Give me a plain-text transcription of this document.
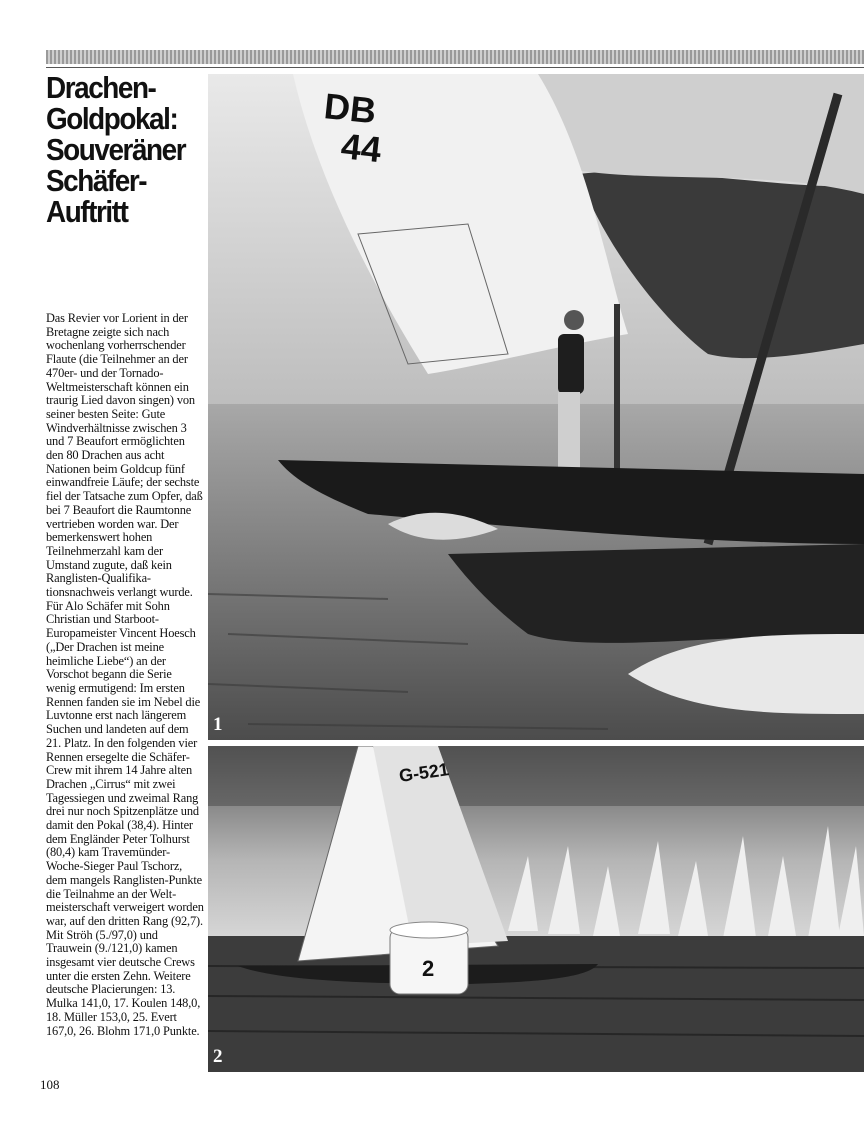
Drachen-
Goldpokal:
Souveräner
Schäfer-
Auftritt

Das Revier vor Lorient in der Bretagne zeigte sich nach wochenlang vorherrschender Flaute (die Teilnehmer an der 470er- und der Tornado-Weltmeisterschaft können ein traurig Lied davon singen) von seiner besten Seite: Gute Windverhältnisse zwischen 3 und 7 Beaufort ermöglichten den 80 Drachen aus acht Nationen beim Goldcup fünf einwandfreie Läufe; der sechste fiel der Tatsache zum Opfer, daß bei 7 Beaufort die Raumtonne vertrieben worden war. Der bemerkenswert hohen Teilnehmerzahl kam der Umstand zugute, daß kein Ranglisten-Qualifikationsnachweis verlangt wurde.

Für Alo Schäfer mit Sohn Christian und Starboot-Europameister Vincent Hoesch („Der Drachen ist meine heimliche Liebe“) an der Vorschot begann die Serie wenig ermutigend: Im ersten Rennen fanden sie im Nebel die Luvtonne erst nach längerem Suchen und landeten auf dem 21. Platz. In den folgenden vier Rennen ersegelte die Schäfer-Crew mit ihrem 14 Jahre alten Drachen „Cirrus“ mit zwei Tagessiegen und zweimal Rang drei nur noch Spitzenplätze und damit den Pokal (38,4). Hinter dem Engländer Peter Tolhurst (80,4) kam Travemünder-Woche-Sieger Paul Tschorz, dem mangels Ranglisten-Punkte die Teilnahme an der Weltmeisterschaft verweigert worden war, auf den dritten Rang (92,7). Mit Ströh (5./97,0) und Trauwein (9./121,0) kamen insgesamt vier deutsche Crews unter die ersten Zehn. Weitere deutsche Placierungen: 13. Mulka 141,0, 17. Koulen 148,0, 18. Müller 153,0, 25. Evert 167,0, 26. Blohm 171,0 Punkte.

108
DB
44
1
G-521
2
2
